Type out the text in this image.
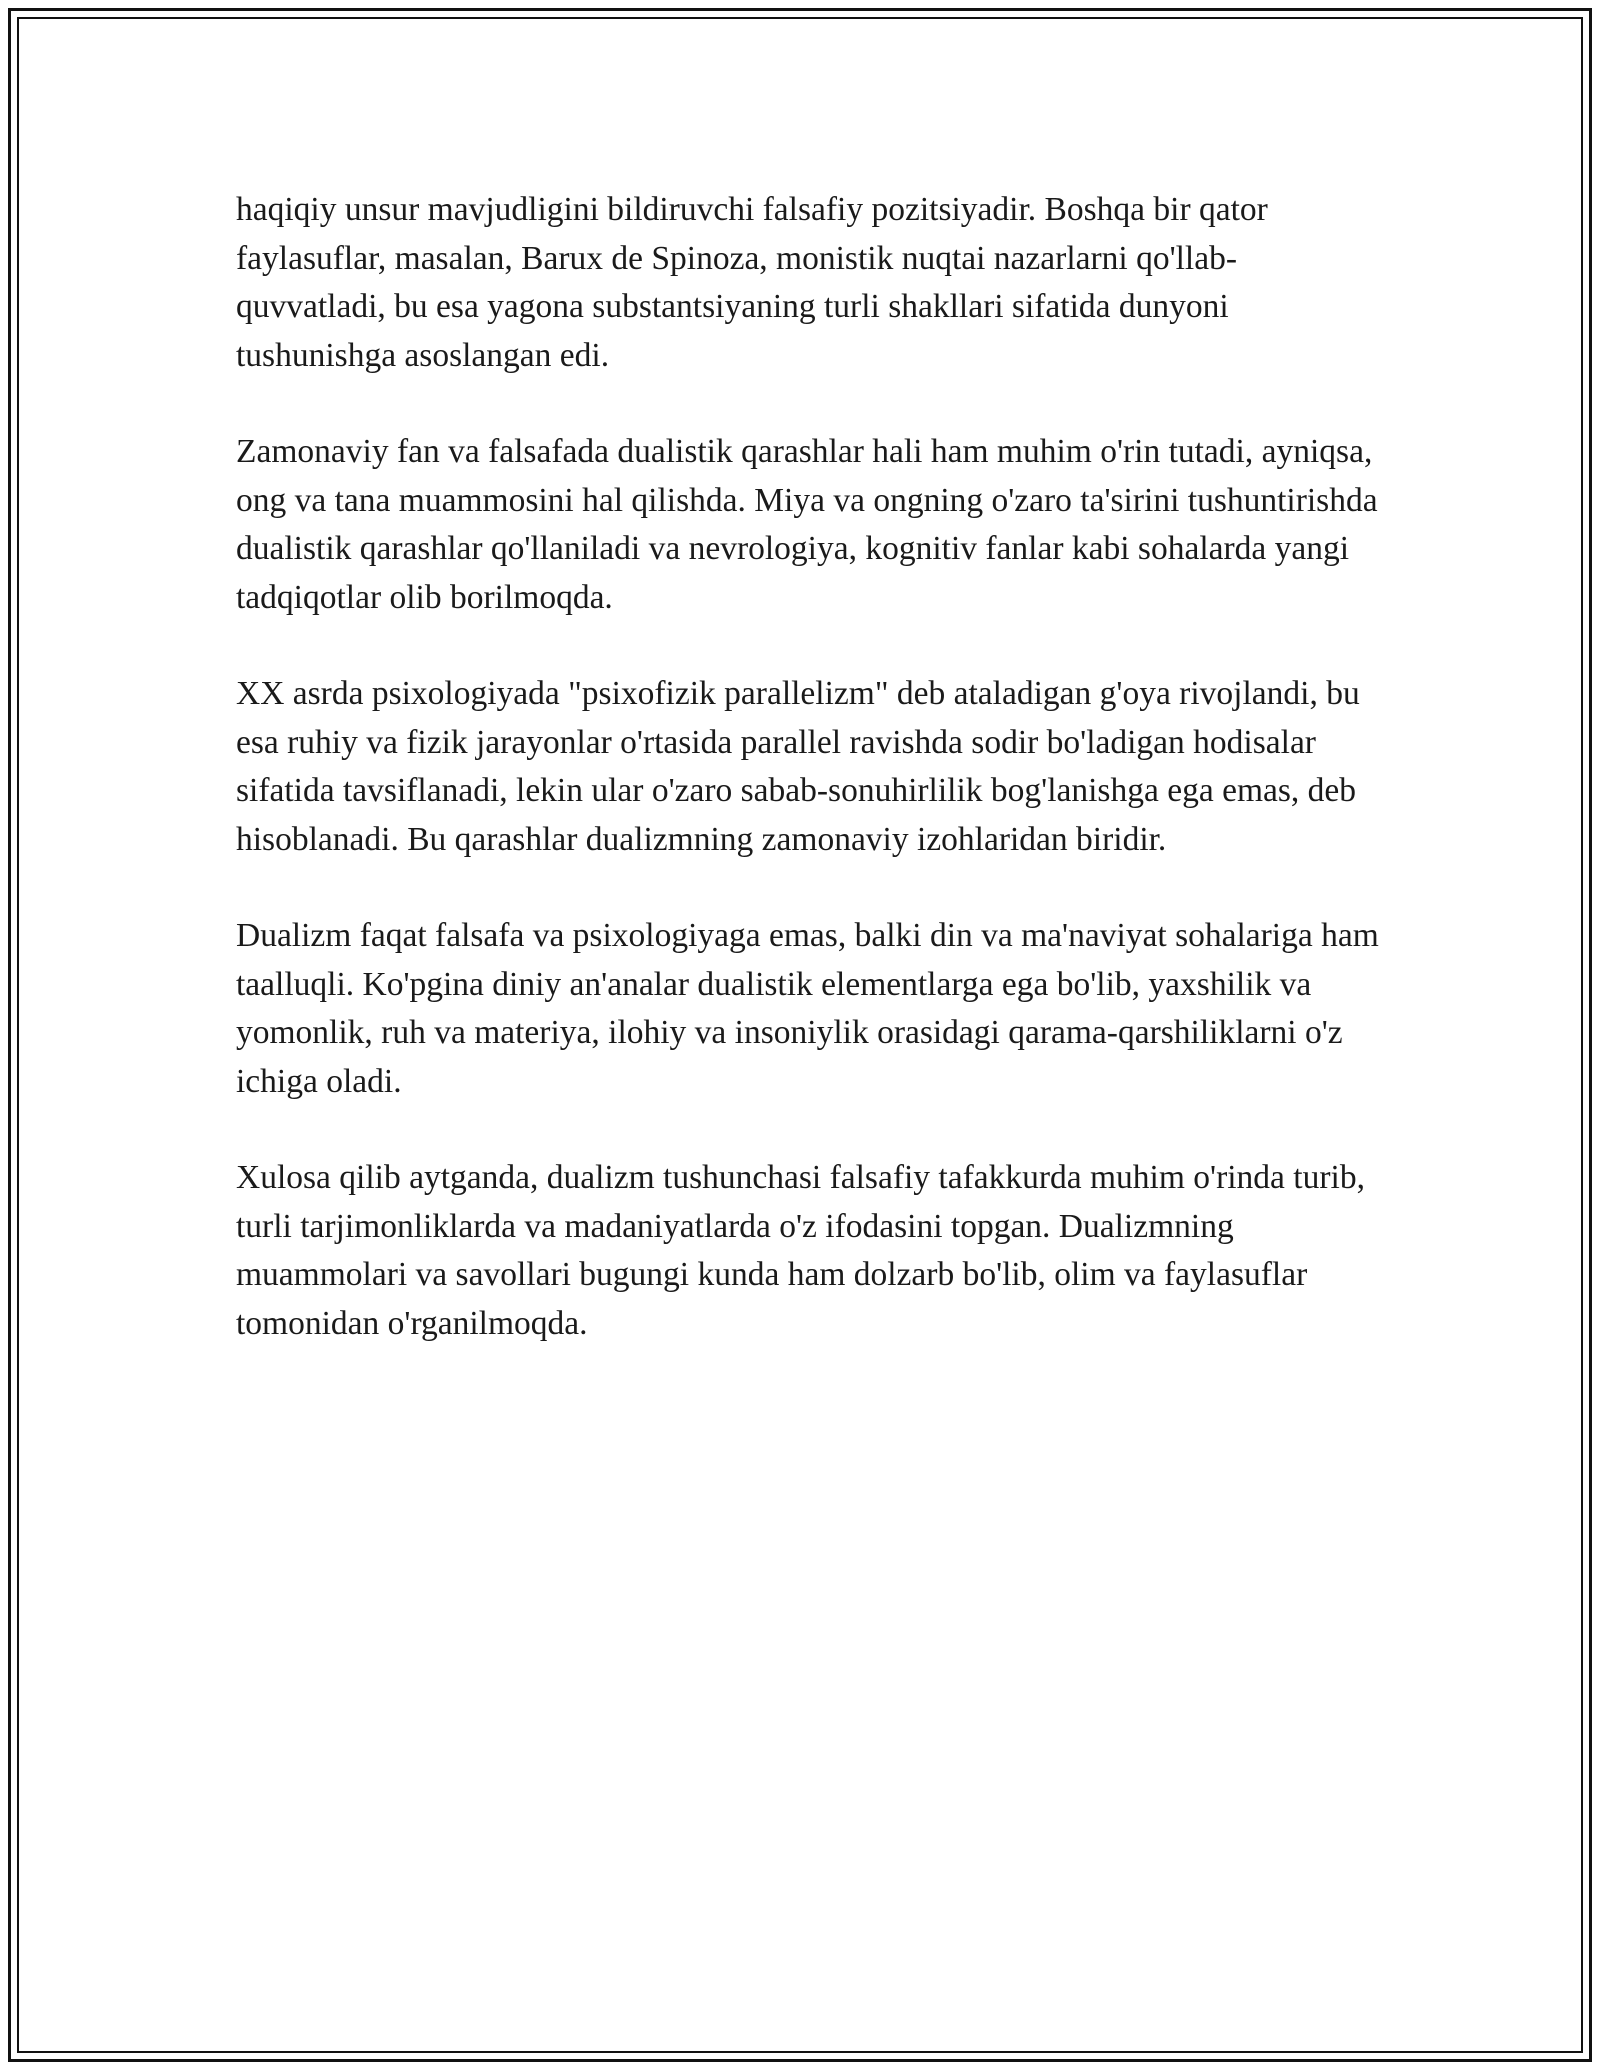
haqiqiy unsur mavjudligini bildiruvchi falsafiy pozitsiyadir. Boshqa bir qator faylasuflar, masalan, Barux de Spinoza, monistik nuqtai nazarlarni qo'llab-quvvatladi, bu esa yagona substantsiyaning turli shakllari sifatida dunyoni tushunishga asoslangan edi.

Zamonaviy fan va falsafada dualistik qarashlar hali ham muhim o'rin tutadi, ayniqsa, ong va tana muammosini hal qilishda. Miya va ongning o'zaro ta'sirini tushuntirishda dualistik qarashlar qo'llaniladi va nevrologiya, kognitiv fanlar kabi sohalarda yangi tadqiqotlar olib borilmoqda.

XX asrda psixologiyada "psixofizik parallelizm" deb ataladigan g'oya rivojlandi, bu esa ruhiy va fizik jarayonlar o'rtasida parallel ravishda sodir bo'ladigan hodisalar sifatida tavsiflanadi, lekin ular o'zaro sabab-sonuhirlilik bog'lanishga ega emas, deb hisoblanadi. Bu qarashlar dualizmning zamonaviy izohlaridan biridir.

Dualizm faqat falsafa va psixologiyaga emas, balki din va ma'naviyat sohalariga ham taalluqli. Ko'pgina diniy an'analar dualistik elementlarga ega bo'lib, yaxshilik va yomonlik, ruh va materiya, ilohiy va insoniylik orasidagi qarama-qarshiliklarni o'z ichiga oladi.

Xulosa qilib aytganda, dualizm tushunchasi falsafiy tafakkurda muhim o'rinda turib, turli tarjimonliklarda va madaniyatlarda o'z ifodasini topgan. Dualizmning muammolari va savollari bugungi kunda ham dolzarb bo'lib, olim va faylasuflar tomonidan o'rganilmoqda.
